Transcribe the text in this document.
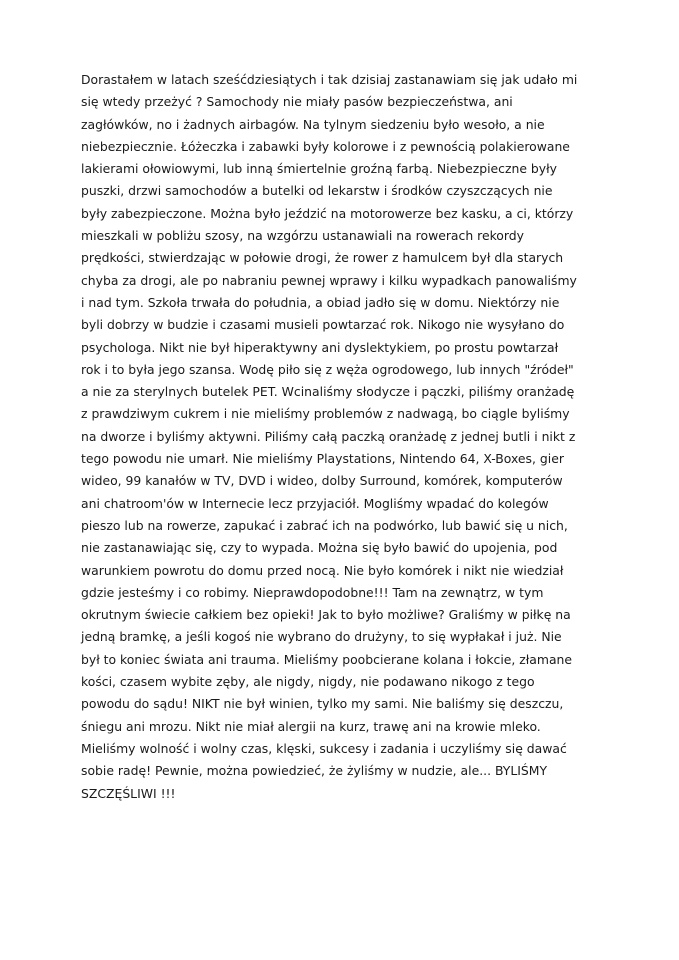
Dorastałem w latach sześćdziesiątych i tak dzisiaj zastanawiam się jak udało mi
się wtedy przeżyć ? Samochody nie miały pasów bezpieczeństwa, ani
zagłówków, no i żadnych airbagów. Na tylnym siedzeniu było wesoło, a nie
niebezpiecznie. Łóżeczka i zabawki były kolorowe i z pewnością polakierowane
lakierami ołowiowymi, lub inną śmiertelnie groźną farbą. Niebezpieczne były
puszki, drzwi samochodów a butelki od lekarstw i środków czyszczących nie
były zabezpieczone. Można było jeździć na motorowerze bez kasku, a ci, którzy
mieszkali w pobliżu szosy, na wzgórzu ustanawiali na rowerach rekordy
prędkości, stwierdzając w połowie drogi, że rower z hamulcem był dla starych
chyba za drogi, ale po nabraniu pewnej wprawy i kilku wypadkach panowaliśmy
i nad tym. Szkoła trwała do południa, a obiad jadło się w domu. Niektórzy nie
byli dobrzy w budzie i czasami musieli powtarzać rok. Nikogo nie wysyłano do
psychologa. Nikt nie był hiperaktywny ani dyslektykiem, po prostu powtarzał
rok i to była jego szansa. Wodę piło się z węża ogrodowego, lub innych "źródeł"
a nie za sterylnych butelek PET. Wcinaliśmy słodycze i pączki, piliśmy oranżadę
z prawdziwym cukrem i nie mieliśmy problemów z nadwagą, bo ciągle byliśmy
na dworze i byliśmy aktywni. Piliśmy całą paczką oranżadę z jednej butli i nikt z
tego powodu nie umarł. Nie mieliśmy Playstations, Nintendo 64, X-Boxes, gier
wideo, 99 kanałów w TV, DVD i wideo, dolby Surround, komórek, komputerów
ani chatroom'ów w Internecie lecz przyjaciół. Mogliśmy wpadać do kolegów
pieszo lub na rowerze, zapukać i zabrać ich na podwórko, lub bawić się u nich,
nie zastanawiając się, czy to wypada. Można się było bawić do upojenia, pod
warunkiem powrotu do domu przed nocą. Nie było komórek i nikt nie wiedział
gdzie jesteśmy i co robimy. Nieprawdopodobne!!! Tam na zewnątrz, w tym
okrutnym świecie całkiem bez opieki! Jak to było możliwe? Graliśmy w piłkę na
jedną bramkę, a jeśli kogoś nie wybrano do drużyny, to się wypłakał i już. Nie
był to koniec świata ani trauma. Mieliśmy poobcierane kolana i łokcie, złamane
kości, czasem wybite zęby, ale nigdy, nigdy, nie podawano nikogo z tego
powodu do sądu! NIKT nie był winien, tylko my sami. Nie baliśmy się deszczu,
śniegu ani mrozu. Nikt nie miał alergii na kurz, trawę ani na krowie mleko.
Mieliśmy wolność i wolny czas, klęski, sukcesy i zadania i uczyliśmy się dawać
sobie radę! Pewnie, można powiedzieć, że żyliśmy w nudzie, ale... BYLIŚMY
SZCZĘŚLIWI !!!
